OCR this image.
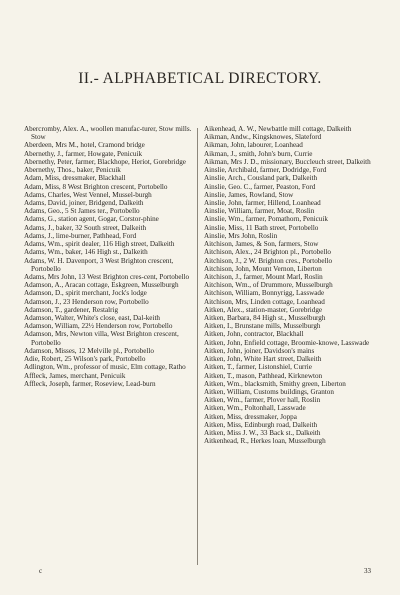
II.- ALPHABETICAL DIRECTORY.
Abercromby, Alex. A., woollen manufac-turer, Stow mills. Stow
Aberdeen, Mrs M., hotel, Cramond bridge
Abernethy, J., farmer, Howgate, Penicuik
Abernethy, Peter, farmer, Blackhope, Heriot, Gorebridge
Abernethy, Thos., baker, Penicuik
Adam, Miss, dressmaker, Blackhall
Adam, Miss, 8 West Brighton crescent, Portobello
Adams, Charles, West Vennel, Mussel-burgh
Adams, David, joiner, Bridgend, Dalkeith
Adams, Geo., 5 St James ter., Portobello
Adams, G., station agent, Gogar, Corstor-phine
Adams, J., baker, 32 South street, Dalkeith
Adams, J., lime-burner, Pathhead, Ford
Adams, Wm., spirit dealer, 116 High street, Dalkeith
Adams, Wm., baker, 146 High st., Dalkeith
Adams, W. H. Davenport, 3 West Brighton crescent, Portobello
Adams, Mrs John, 13 West Brighton cres-cent, Portobello
Adamson, A., Aracan cottage, Eskgreen, Musselburgh
Adamson, D., spirit merchant, Jock's lodge
Adamson, J., 23 Henderson row, Portobello
Adamson, T., gardener, Restalrig
Adamson, Walter, White's close, east, Dal-keith
Adamson, William, 22½ Henderson row, Portobello
Adamson, Mrs, Newton villa, West Brighton crescent, Portobello
Adamson, Misses, 12 Melville pl., Portobello
Adie, Robert, 25 Wilson's park, Portobello
Adlington, Wm., professor of music, Elm cottage, Ratho
Affleck, James, merchant, Penicuik
Affleck, Joseph, farmer, Roseview, Lead-burn
Aikenhead, A. W., Newbattle mill cottage, Dalkeith
Aikman, Andw., Kingsknowes, Slateford
Aikman, John, labourer, Loanhead
Aikman, J., smith, John's burn, Currie
Aikman, Mrs J. D., missionary, Buccleuch street, Dalkeith
Ainslie, Archibald, farmer, Dodridge, Ford
Ainslie, Arch., Cousland park, Dalkeith
Ainslie, Geo. C., farmer, Peaston, Ford
Ainslie, James, Rowland, Stow
Ainslie, John, farmer, Hillend, Loanhead
Ainslie, William, farmer, Moat, Roslin
Ainslie, Wm., farmer, Pomathorn, Penicuik
Ainslie, Miss, 11 Bath street, Portobello
Ainslie, Mrs John, Roslin
Aitchison, James, & Son, farmers, Stow
Aitchison, Alex., 24 Brighton pl., Portobello
Aitchison, J., 2 W. Brighton cres., Portobello
Aitchison, John, Mount Vernon, Liberton
Aitchison, J., farmer, Mount Marl, Roslin
Aitchison, Wm., of Drummore, Musselburgh
Aitchison, William, Bonnyrigg, Lasswade
Aitchison, Mrs, Linden cottage, Loanhead
Aitken, Alex., station-master, Gorebridge
Aitken, Barbara, 84 High st., Musselburgh
Aitken, I., Brunstane mills, Musselburgh
Aitken, John, contractor, Blackhall
Aitken, John, Enfield cottage, Broomie-knowe, Lasswade
Aitken, John, joiner, Davidson's mains
Aitken, John, White Hart street, Dalkeith
Aitken, T., farmer, Listonshiel, Currie
Aitken, T., mason, Pathhead, Kirknewton
Aitken, Wm., blacksmith, Smithy green, Liberton
Aitken, William, Customs buildings, Granton
Aitken, Wm., farmer, Plover hall, Roslin
Aitken, Wm., Poltonhall, Lasswade
Aitken, Miss, dressmaker, Joppa
Aitken, Miss, Edinburgh road, Dalkeith
Aitken, Miss J. W., 33 Back st., Dalkeith
Aitkenhead, R., Herkes loan, Musselburgh
c	33
